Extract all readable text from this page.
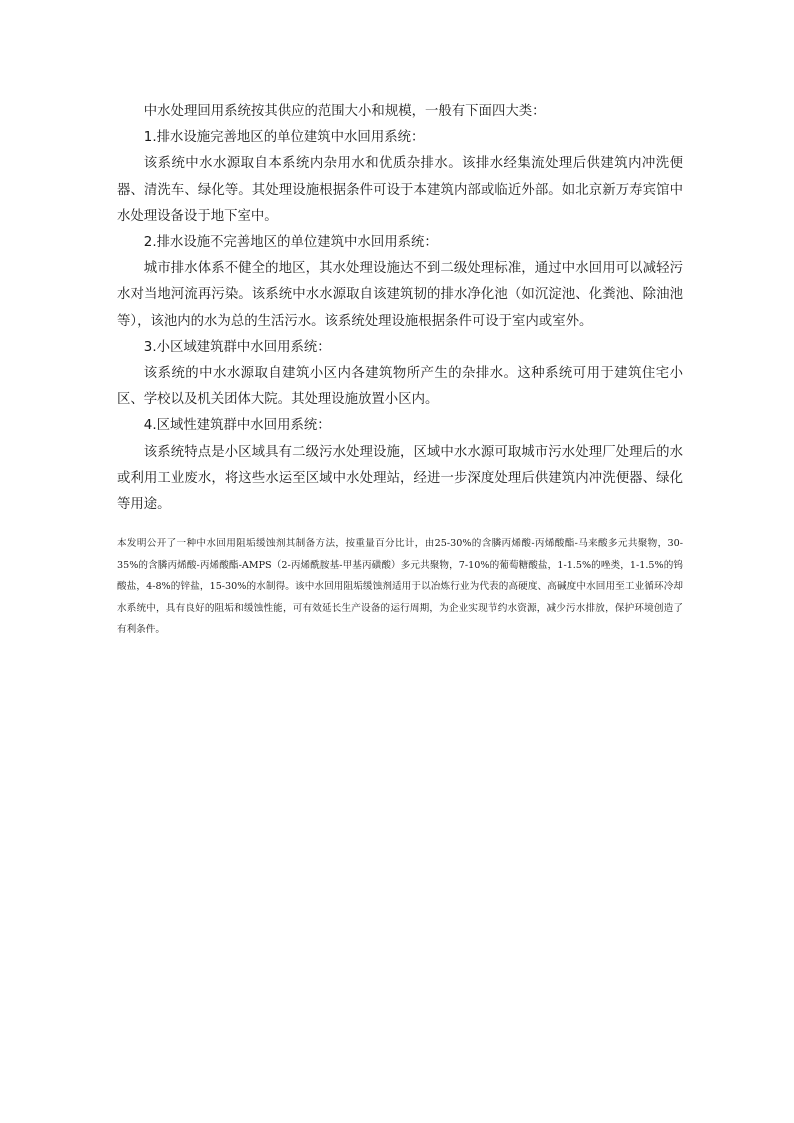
中水处理回用系统按其供应的范围大小和规模，一般有下面四大类：

1.排水设施完善地区的单位建筑中水回用系统：

该系统中水水源取自本系统内杂用水和优质杂排水。该排水经集流处理后供建筑内冲洗便器、清洗车、绿化等。其处理设施根据条件可设于本建筑内部或临近外部。如北京新万寿宾馆中水处理设备设于地下室中。

2.排水设施不完善地区的单位建筑中水回用系统：

城市排水体系不健全的地区，其水处理设施达不到二级处理标准，通过中水回用可以减轻污水对当地河流再污染。该系统中水水源取自该建筑韧的排水净化池（如沉淀池、化粪池、除油池等），该池内的水为总的生活污水。该系统处理设施根据条件可设于室内或室外。

3.小区域建筑群中水回用系统：

该系统的中水水源取自建筑小区内各建筑物所产生的杂排水。这种系统可用于建筑住宅小区、学校以及机关团体大院。其处理设施放置小区内。

4.区域性建筑群中水回用系统：

该系统特点是小区域具有二级污水处理设施，区域中水水源可取城市污水处理厂处理后的水或利用工业废水，将这些水运至区域中水处理站，经进一步深度处理后供建筑内冲洗便器、绿化等用途。

本发明公开了一种中水回用阻垢缓蚀剂其制备方法，按重量百分比计，由25-30%的含膦丙烯酸-丙烯酸酯-马来酸多元共聚物，30-35%的含膦丙烯酸-丙烯酸酯-AMPS（2-丙烯酰胺基-甲基丙磺酸）多元共聚物，7-10%的葡萄糖酸盐，1-1.5%的唑类，1-1.5%的钨酸盐，4-8%的锌盐，15-30%的水制得。该中水回用阻垢缓蚀剂适用于以冶炼行业为代表的高硬度、高碱度中水回用至工业循环冷却水系统中，具有良好的阻垢和缓蚀性能，可有效延长生产设备的运行周期，为企业实现节约水资源，减少污水排放，保护环境创造了有利条件。
